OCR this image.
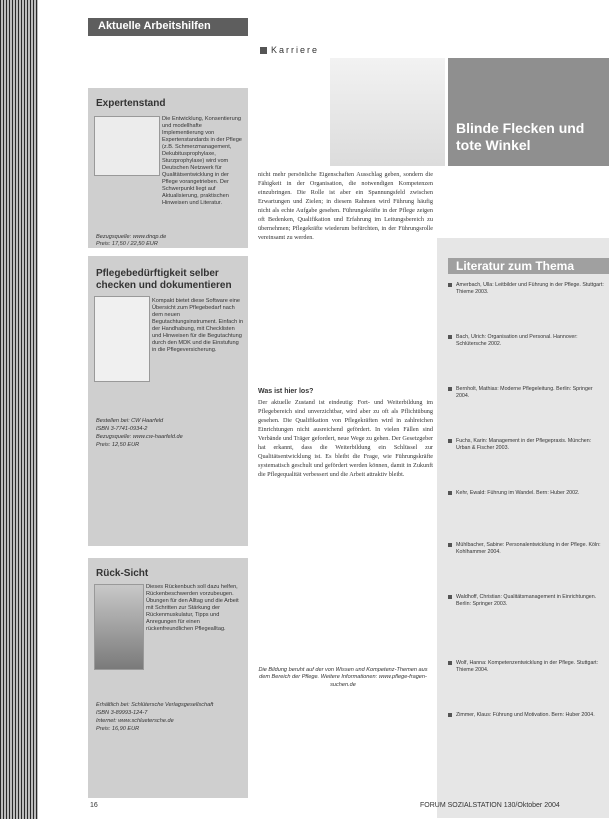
Aktuelle Arbeitshilfen
Expertenstand
Die Entwicklung, Konsentierung und modellhafte Implementierung von Expertenstandards in der Pflege (z.B. Schmerzmanagement, Dekubitusprophylaxe, Sturzprophylaxe) wird vom Deutschen Netzwerk für Qualitätsentwicklung in der Pflege vorangetrieben. Der Schwerpunkt liegt auf Aktualisierung, praktischen Hinweisen und Literatur.
Bezugsquelle: www.dnqp.de
Preis: 17,50 / 22,50 EUR
Pflegebedürftigkeit selber checken und dokumentieren
Kompakt bietet diese Software eine Übersicht zum Pflegebedarf nach dem neuen Begutachtungsinstrument. Einfach in der Handhabung, mit Checklisten und Hinweisen für die Begutachtung durch den MDK und die Einstufung in die Pflegeversicherung.
Bestellen bei: CW Haarfeld
ISBN 3-7741-0934-2
Bezugsquelle: www.cw-haarfeld.de
Preis: 12,50 EUR
Rück-Sicht
Dieses Rückenbuch soll dazu helfen, Rückenbeschwerden vorzubeugen. Übungen für den Alltag und die Arbeit mit Schritten zur Stärkung der Rückenmuskulatur, Tipps und Anregungen für einen rückenfreundlichen Pflegealltag.
Erhältlich bei: Schlütersche Verlagsgesellschaft
ISBN 3-89993-124-7
Internet: www.schluetersche.de
Preis: 16,90 EUR
Karriere
Blinde Flecken und tote Winkel
nicht mehr persönliche Eigenschaften Ausschlag geben, sondern die Fähigkeit in der Organisation, die notwendigen Kompetenzen einzubringen. Die Rolle ist aber ein Spannungsfeld zwischen Erwartungen und Zielen; in diesem Rahmen wird Führung häufig nicht als echte Aufgabe gesehen. Führungskräfte in der Pflege zeigen oft Bedenken, Qualifikation und Erfahrung im Leitungsbereich zu übernehmen; Pflegekräfte wiederum befürchten, in der Führungsrolle vereinsamt zu werden.
Was ist hier los?
Der aktuelle Zustand ist eindeutig: Fort- und Weiterbildung im Pflegebereich sind unverzichtbar, wird aber zu oft als Pflichtübung gesehen. Die Qualifikation von Pflegekräften wird in zahlreichen Einrichtungen nicht ausreichend gefördert. In vielen Fällen sind Verbände und Träger gefordert, neue Wege zu gehen. Der Gesetzgeber hat erkannt, dass die Weiterbildung ein Schlüssel zur Qualitätsentwicklung ist. Es bleibt die Frage, wie Führungskräfte systematisch geschult und gefördert werden können, damit in Zukunft die Pflegequalität verbessert und die Arbeit attraktiv bleibt.
Die Bildung beruht auf der von Wissen und Kompetenz-Themen aus dem Bereich der Pflege. Weitere Informationen: www.pflege-fragen-suchen.de
Literatur zum Thema
Amerbach, Ulla: Leitbilder und Führung in der Pflege. Stuttgart: Thieme 2003.
Bach, Ulrich: Organisation und Personal. Hannover: Schlütersche 2002.
Bernholt, Mathias: Moderne Pflegeleitung. Berlin: Springer 2004.
Fuchs, Karin: Management in der Pflegepraxis. München: Urban & Fischer 2003.
Kehr, Ewald: Führung im Wandel. Bern: Huber 2002.
Mühlbacher, Sabine: Personalentwicklung in der Pflege. Köln: Kohlhammer 2004.
Waldhoff, Christian: Qualitätsmanagement in Einrichtungen. Berlin: Springer 2003.
Wolf, Hanna: Kompetenzentwicklung in der Pflege. Stuttgart: Thieme 2004.
Zimmer, Klaus: Führung und Motivation. Bern: Huber 2004.
16	FORUM SOZIALSTATION 130/Oktober 2004
